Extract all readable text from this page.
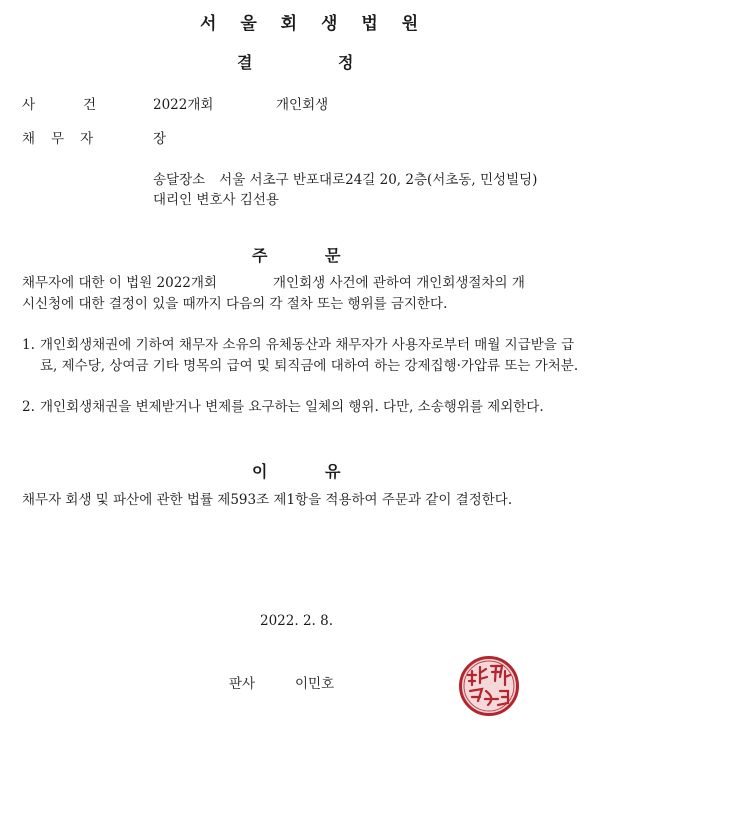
서 울 회 생 법 원
결	정
사	건	2022개회	개인회생
채 무 자	장
송달장소 서울 서초구 반포대로24길 20, 2층(서초동, 민성빌딩)
대리인 변호사 김선용
주	문
채무자에 대한 이 법원 2022개회	개인회생 사건에 관하여 개인회생절차의 개
시신청에 대한 결정이 있을 때까지 다음의 각 절차 또는 행위를 금지한다.
1. 개인회생채권에 기하여 채무자 소유의 유체동산과 채무자가 사용자로부터 매월 지급받을 급료, 제수당, 상여금 기타 명목의 급여 및 퇴직금에 대하여 하는 강제집행·가압류 또는 가처분.
2. 개인회생채권을 변제받거나 변제를 요구하는 일체의 행위. 다만, 소송행위를 제외한다.
이	유
채무자 회생 및 파산에 관한 법률 제593조 제1항을 적용하여 주문과 같이 결정한다.
2022. 2. 8.
판사	이민호
